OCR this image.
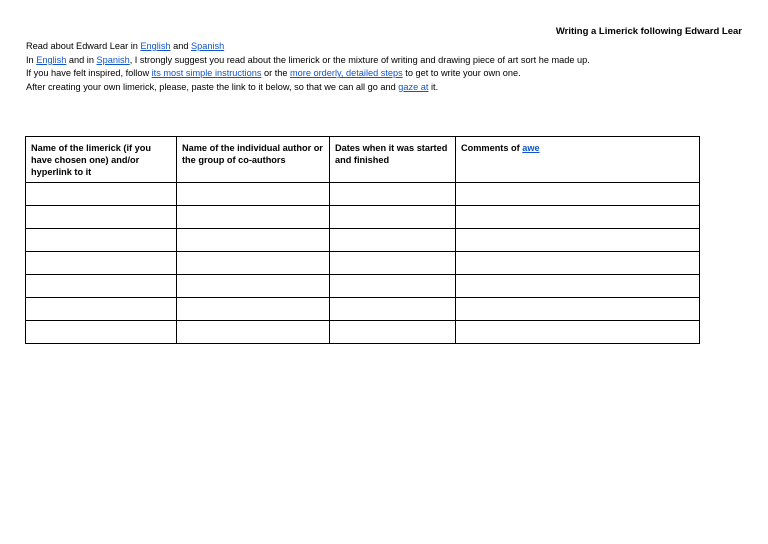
Writing a Limerick following Edward Lear

Read about Edward Lear in English and Spanish

In English and in Spanish, I strongly suggest you read about the limerick or the mixture of writing and drawing piece of art sort he made up.

If you have felt inspired, follow its most simple instructions or the more orderly, detailed steps to get to write your own one.

After creating your own limerick, please, paste the link to it below, so that we can all go and gaze at it.

Name of the limerick (if you have chosen one) and/or hyperlink to it	Name of the individual author or the group of co-authors	Dates when it was started and finished	Comments of awe
